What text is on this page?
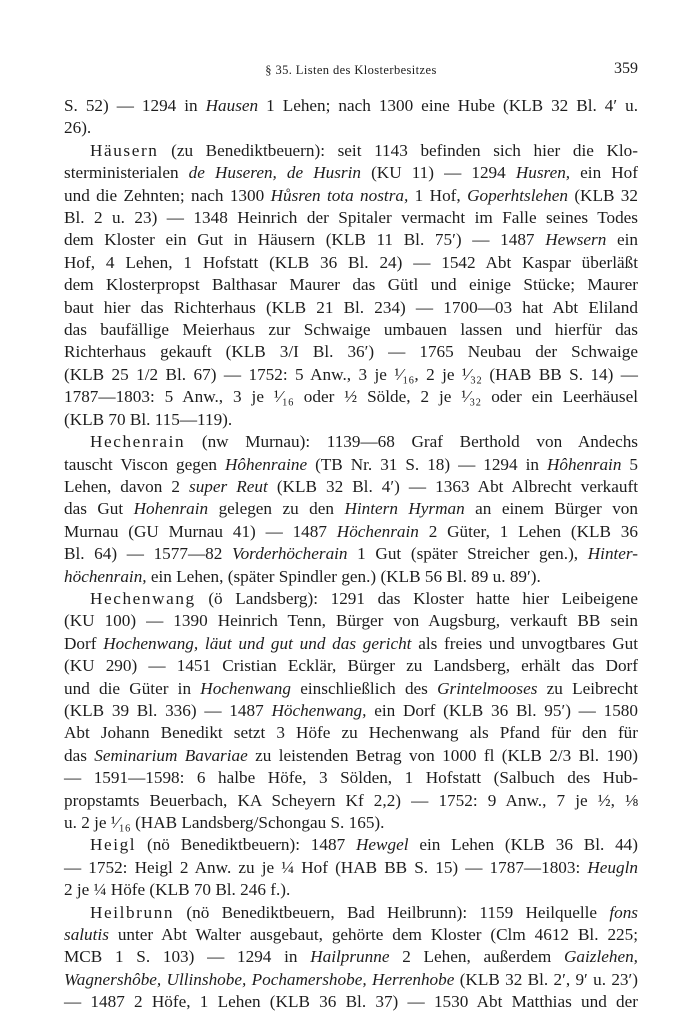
§ 35. Listen des Klosterbesitzes	359

S. 52) — 1294 in Hausen 1 Lehen; nach 1300 eine Hube (KLB 32 Bl. 4′ u.
26).

Häusern (zu Benediktbeuern): seit 1143 befinden sich hier die Klo-
sterministerialen de Huseren, de Husrin (KU 11) — 1294 Husren, ein Hof
und die Zehnten; nach 1300 Hůsren tota nostra, 1 Hof, Goperhtslehen (KLB 32
Bl. 2 u. 23) — 1348 Heinrich der Spitaler vermacht im Falle seines Todes
dem Kloster ein Gut in Häusern (KLB 11 Bl. 75′) — 1487 Hewsern ein
Hof, 4 Lehen, 1 Hofstatt (KLB 36 Bl. 24) — 1542 Abt Kaspar überläßt
dem Klosterpropst Balthasar Maurer das Gütl und einige Stücke; Maurer
baut hier das Richterhaus (KLB 21 Bl. 234) — 1700—03 hat Abt Eliland
das baufällige Meierhaus zur Schwaige umbauen lassen und hierfür das
Richterhaus gekauft (KLB 3/I Bl. 36′) — 1765 Neubau der Schwaige
(KLB 25 1/2 Bl. 67) — 1752: 5 Anw., 3 je ¹⁄₁₆, 2 je ¹⁄₃₂ (HAB BB S. 14) —
1787—1803: 5 Anw., 3 je ¹⁄₁₆ oder ½ Sölde, 2 je ¹⁄₃₂ oder ein Leerhäusel
(KLB 70 Bl. 115—119).

Hechenrain (nw Murnau): 1139—68 Graf Berthold von Andechs
tauscht Viscon gegen Hôhenraine (TB Nr. 31 S. 18) — 1294 in Hôhenrain 5
Lehen, davon 2 super Reut (KLB 32 Bl. 4′) — 1363 Abt Albrecht verkauft
das Gut Hohenrain gelegen zu den Hintern Hyrman an einem Bürger von
Murnau (GU Murnau 41) — 1487 Höchenrain 2 Güter, 1 Lehen (KLB 36
Bl. 64) — 1577—82 Vorderhöcherain 1 Gut (später Streicher gen.), Hinter-
höchenrain, ein Lehen, (später Spindler gen.) (KLB 56 Bl. 89 u. 89′).

Hechenwang (ö Landsberg): 1291 das Kloster hatte hier Leibeigene
(KU 100) — 1390 Heinrich Tenn, Bürger von Augsburg, verkauft BB sein
Dorf Hochenwang, läut und gut und das gericht als freies und unvogtbares Gut
(KU 290) — 1451 Cristian Ecklär, Bürger zu Landsberg, erhält das Dorf
und die Güter in Hochenwang einschließlich des Grintelmooses zu Leibrecht
(KLB 39 Bl. 336) — 1487 Höchenwang, ein Dorf (KLB 36 Bl. 95′) — 1580
Abt Johann Benedikt setzt 3 Höfe zu Hechenwang als Pfand für den für
das Seminarium Bavariae zu leistenden Betrag von 1000 fl (KLB 2/3 Bl. 190)
— 1591—1598: 6 halbe Höfe, 3 Sölden, 1 Hofstatt (Salbuch des Hub-
propstamts Beuerbach, KA Scheyern Kf 2,2) — 1752: 9 Anw., 7 je ½, ⅛
u. 2 je ¹⁄₁₆ (HAB Landsberg/Schongau S. 165).

Heigl (nö Benediktbeuern): 1487 Hewgel ein Lehen (KLB 36 Bl. 44)
— 1752: Heigl 2 Anw. zu je ¼ Hof (HAB BB S. 15) — 1787—1803: Heugln
2 je ¼ Höfe (KLB 70 Bl. 246 f.).

Heilbrunn (nö Benediktbeuern, Bad Heilbrunn): 1159 Heilquelle fons
salutis unter Abt Walter ausgebaut, gehörte dem Kloster (Clm 4612 Bl. 225;
MCB 1 S. 103) — 1294 in Hailprunne 2 Lehen, außerdem Gaizlehen,
Wagnershôbe, Ullinshobe, Pochamershobe, Herrenhobe (KLB 32 Bl. 2′, 9′ u. 23′)
— 1487 2 Höfe, 1 Lehen (KLB 36 Bl. 37) — 1530 Abt Matthias und der
